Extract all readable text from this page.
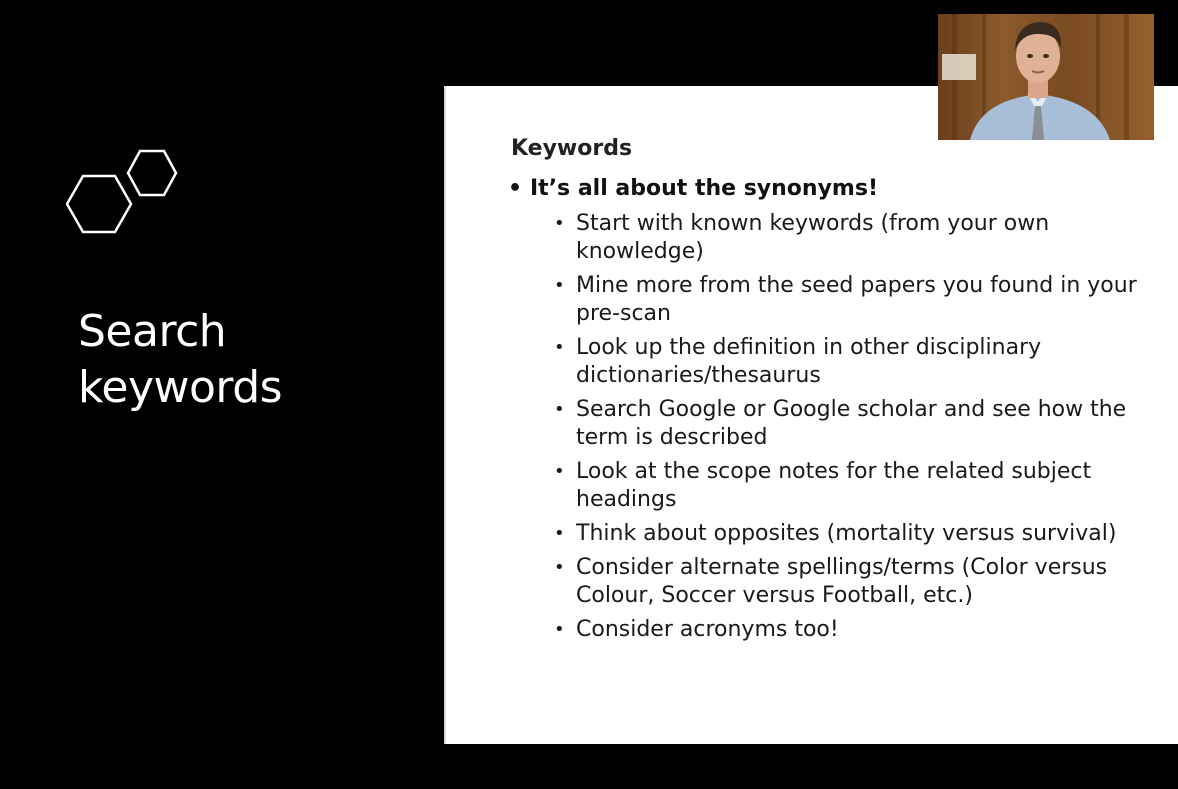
Search
keywords
Keywords
• It’s all about the synonyms!
• Start with known keywords (from your own knowledge)
• Mine more from the seed papers you found in your pre-scan
• Look up the definition in other disciplinary dictionaries/thesaurus
• Search Google or Google scholar and see how the term is described
• Look at the scope notes for the related subject headings
• Think about opposites (mortality versus survival)
• Consider alternate spellings/terms (Color versus Colour, Soccer versus Football, etc.)
• Consider acronyms too!
